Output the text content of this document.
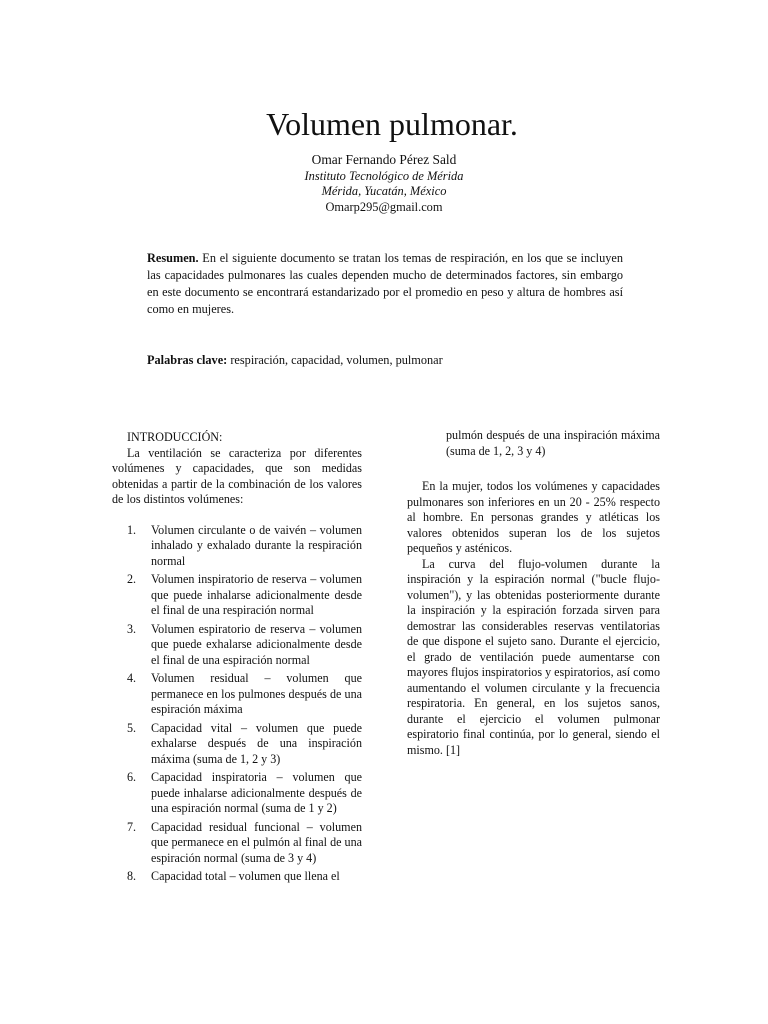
Volumen pulmonar.
Omar Fernando Pérez Sald
Instituto Tecnológico de Mérida
Mérida, Yucatán, México
Omarp295@gmail.com
Resumen. En el siguiente documento se tratan los temas de respiración, en los que se incluyen las capacidades pulmonares las cuales dependen mucho de determinados factores, sin embargo en este documento se encontrará estandarizado por el promedio en peso y altura de hombres así como en mujeres.
Palabras clave: respiración, capacidad, volumen, pulmonar

INTRODUCCIÓN:

La ventilación se caracteriza por diferentes volúmenes y capacidades, que son medidas obtenidas a partir de la combinación de los valores de los distintos volúmenes:

1. Volumen circulante o de vaivén – volumen inhalado y exhalado durante la respiración normal
2. Volumen inspiratorio de reserva – volumen que puede inhalarse adicionalmente desde el final de una respiración normal
3. Volumen espiratorio de reserva – volumen que puede exhalarse adicionalmente desde el final de una espiración normal
4. Volumen residual – volumen que permanece en los pulmones después de una espiración máxima
5. Capacidad vital – volumen que puede exhalarse después de una inspiración máxima (suma de 1, 2 y 3)
6. Capacidad inspiratoria – volumen que puede inhalarse adicionalmente después de una espiración normal (suma de 1 y 2)
7. Capacidad residual funcional – volumen que permanece en el pulmón al final de una espiración normal (suma de 3 y 4)
8. Capacidad total – volumen que llena el

pulmón después de una inspiración máxima (suma de 1, 2, 3 y 4)

En la mujer, todos los volúmenes y capacidades pulmonares son inferiores en un 20 - 25% respecto al hombre. En personas grandes y atléticas los valores obtenidos superan los de los sujetos pequeños y asténicos.

La curva del flujo-volumen durante la inspiración y la espiración normal ("bucle flujo-volumen"), y las obtenidas posteriormente durante la inspiración y la espiración forzada sirven para demostrar las considerables reservas ventilatorias de que dispone el sujeto sano. Durante el ejercicio, el grado de ventilación puede aumentarse con mayores flujos inspiratorios y espiratorios, así como aumentando el volumen circulante y la frecuencia respiratoria. En general, en los sujetos sanos, durante el ejercicio el volumen pulmonar espiratorio final continúa, por lo general, siendo el mismo. [1]
